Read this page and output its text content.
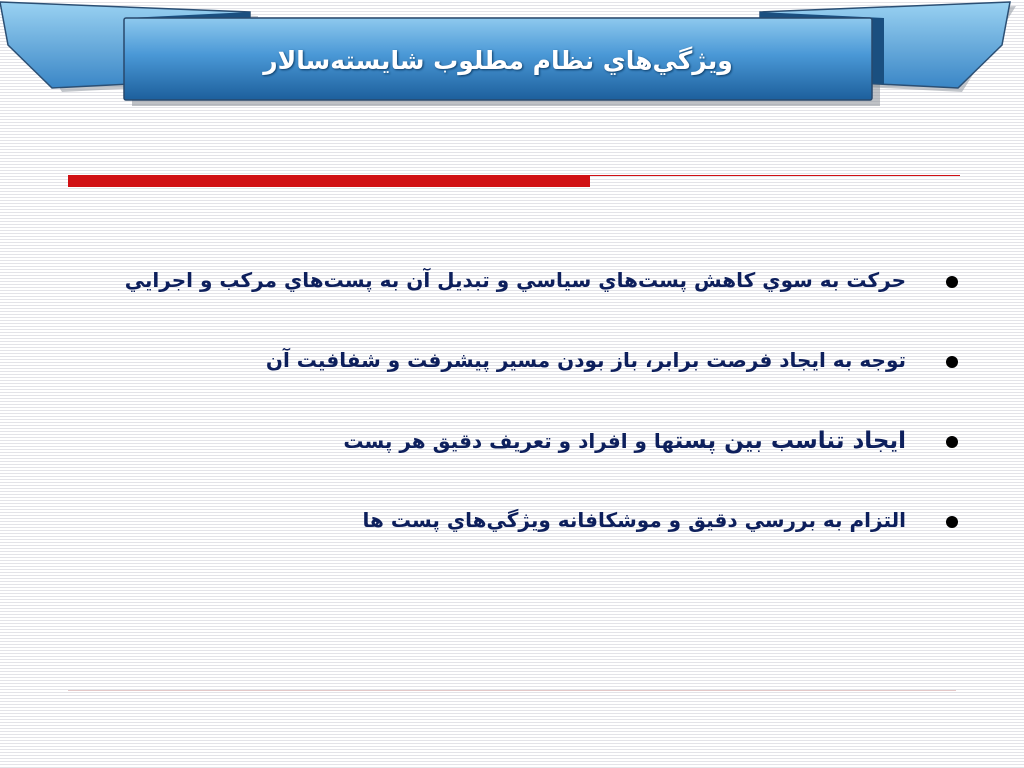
ويژگي‌هاي نظام مطلوب شايسته‌سالار
حركت به سوي كاهش پست‌هاي سياسي و تبديل آن به پست‌هاي مركب و اجرايي
توجه به ايجاد فرصت برابر، باز بودن مسير پيشرفت و شفافيت آن
ايجاد تناسب بين پستها و افراد و تعريف دقيق هر پست
التزام به بررسي دقيق و موشكافانه ويژگي‌هاي پست ها
